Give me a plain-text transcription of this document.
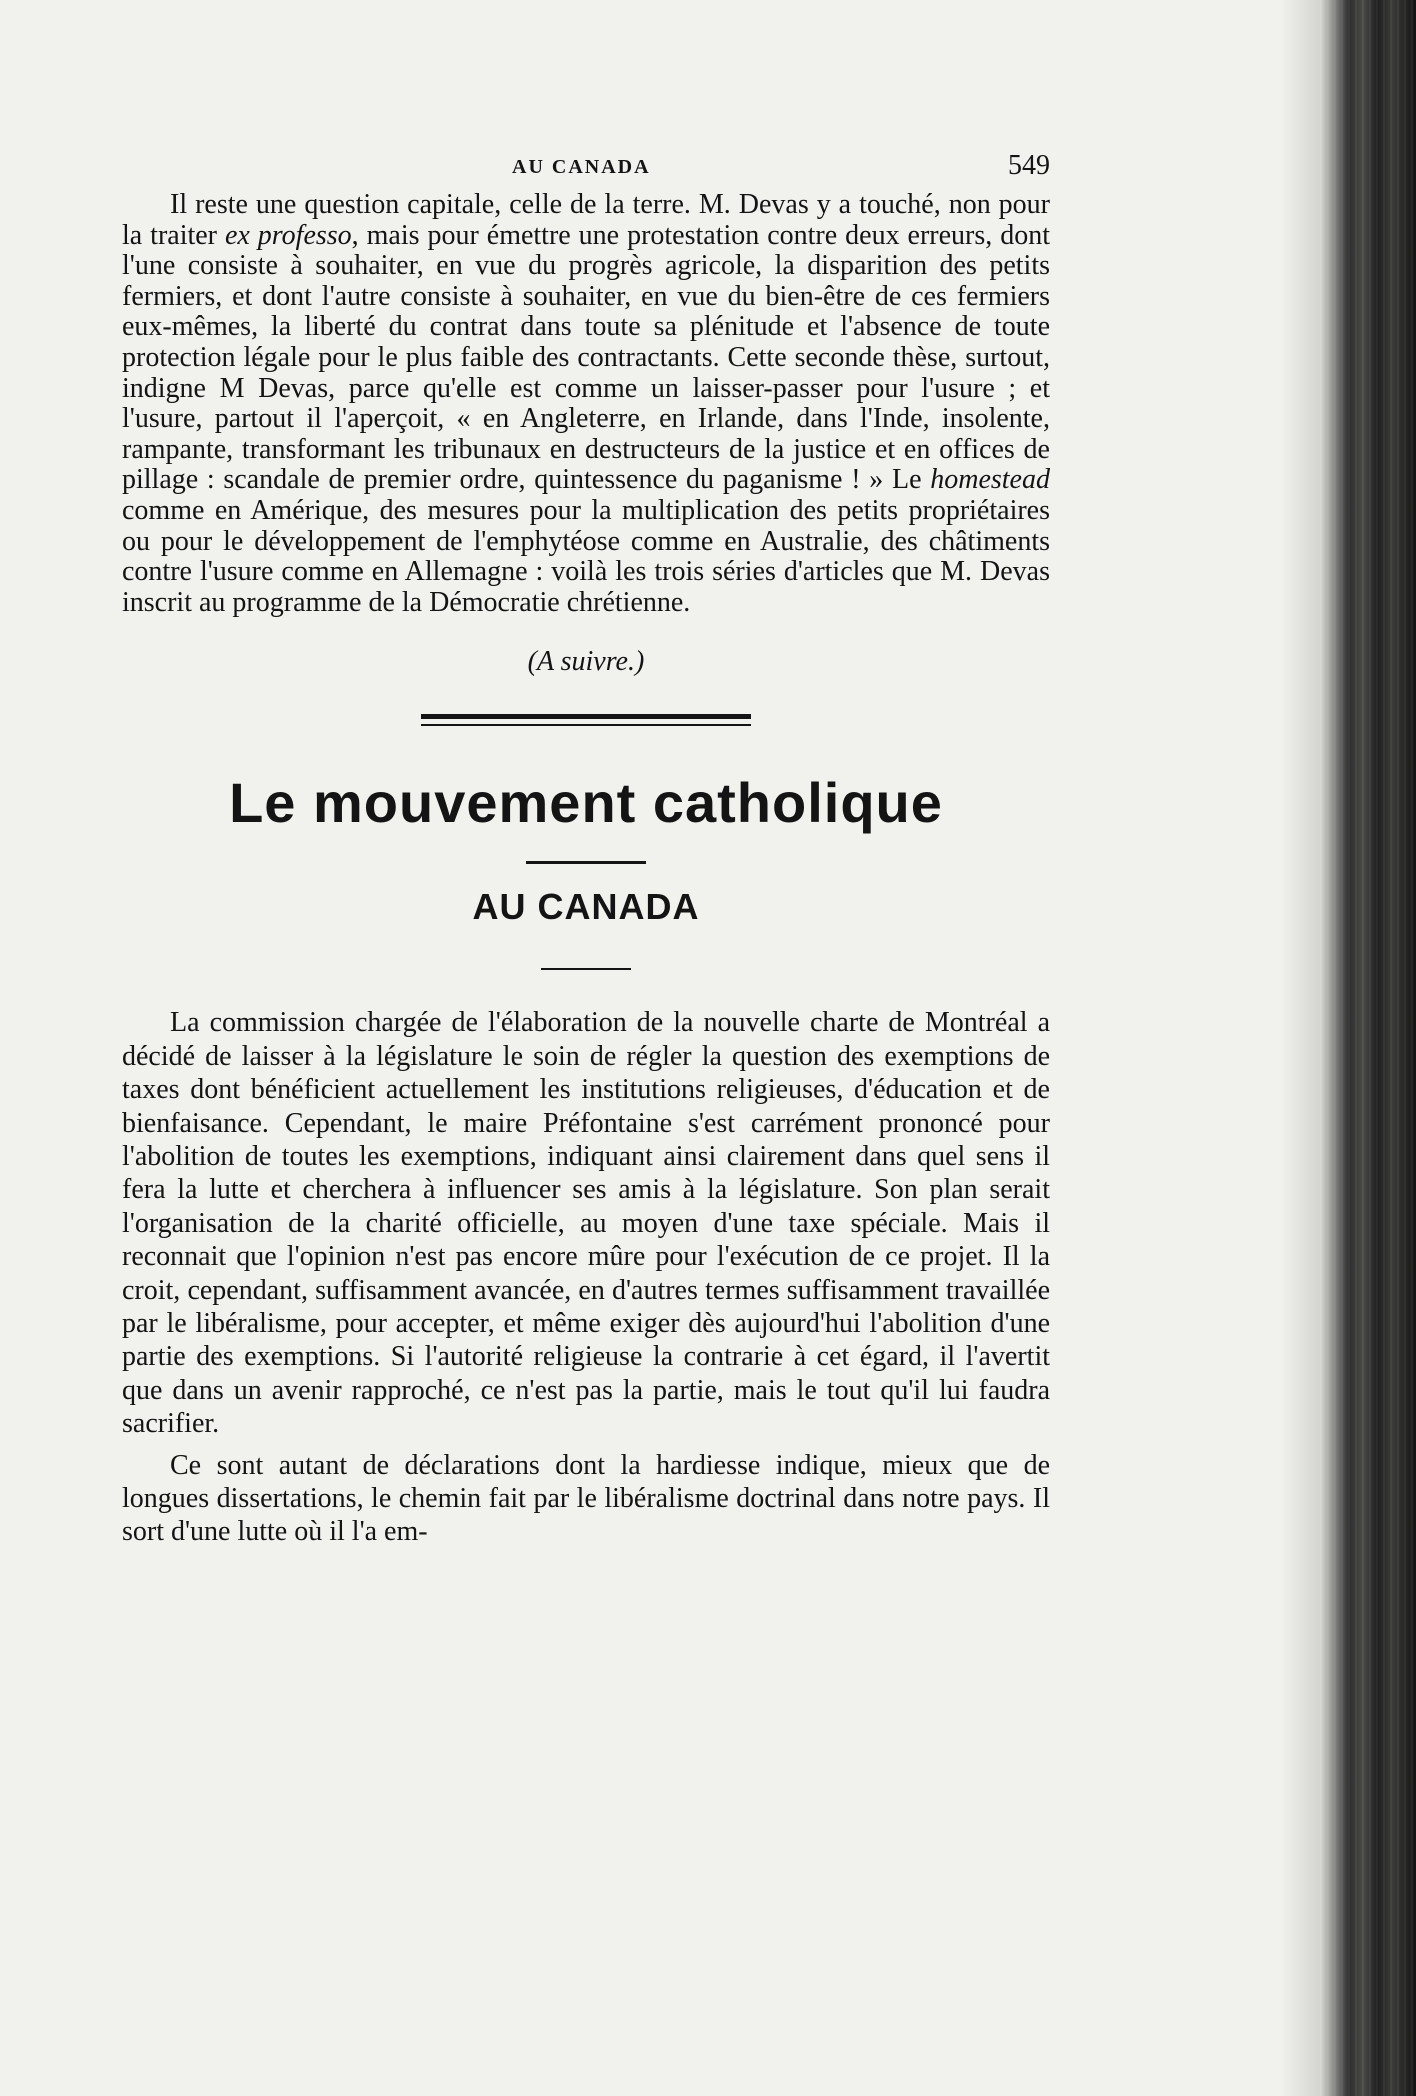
AU CANADA	549

Il reste une question capitale, celle de la terre. M. Devas y a touché, non pour la traiter ex professo, mais pour émettre une protestation contre deux erreurs, dont l'une consiste à souhaiter, en vue du progrès agricole, la disparition des petits fermiers, et dont l'autre consiste à souhaiter, en vue du bien-être de ces fermiers eux-mêmes, la liberté du contrat dans toute sa plénitude et l'absence de toute protection légale pour le plus faible des contractants. Cette seconde thèse, surtout, indigne M Devas, parce qu'elle est comme un laisser-passer pour l'usure ; et l'usure, partout il l'aperçoit, « en Angleterre, en Irlande, dans l'Inde, insolente, rampante, transformant les tribunaux en destructeurs de la justice et en offices de pillage : scandale de premier ordre, quintessence du paganisme ! » Le homestead comme en Amérique, des mesures pour la multiplication des petits propriétaires ou pour le développement de l'emphytéose comme en Australie, des châtiments contre l'usure comme en Allemagne : voilà les trois séries d'articles que M. Devas inscrit au programme de la Démocratie chrétienne.

(A suivre.)

Le mouvement catholique
AU CANADA

La commission chargée de l'élaboration de la nouvelle charte de Montréal a décidé de laisser à la législature le soin de régler la question des exemptions de taxes dont bénéficient actuellement les institutions religieuses, d'éducation et de bienfaisance. Cependant, le maire Préfontaine s'est carrément prononcé pour l'abolition de toutes les exemptions, indiquant ainsi clairement dans quel sens il fera la lutte et cherchera à influencer ses amis à la législature. Son plan serait l'organisation de la charité officielle, au moyen d'une taxe spéciale. Mais il reconnait que l'opinion n'est pas encore mûre pour l'exécution de ce projet. Il la croit, cependant, suffisamment avancée, en d'autres termes suffisamment travaillée par le libéralisme, pour accepter, et même exiger dès aujourd'hui l'abolition d'une partie des exemptions. Si l'autorité religieuse la contrarie à cet égard, il l'avertit que dans un avenir rapproché, ce n'est pas la partie, mais le tout qu'il lui faudra sacrifier.

Ce sont autant de déclarations dont la hardiesse indique, mieux que de longues dissertations, le chemin fait par le libéralisme doctrinal dans notre pays. Il sort d'une lutte où il l'a em-
